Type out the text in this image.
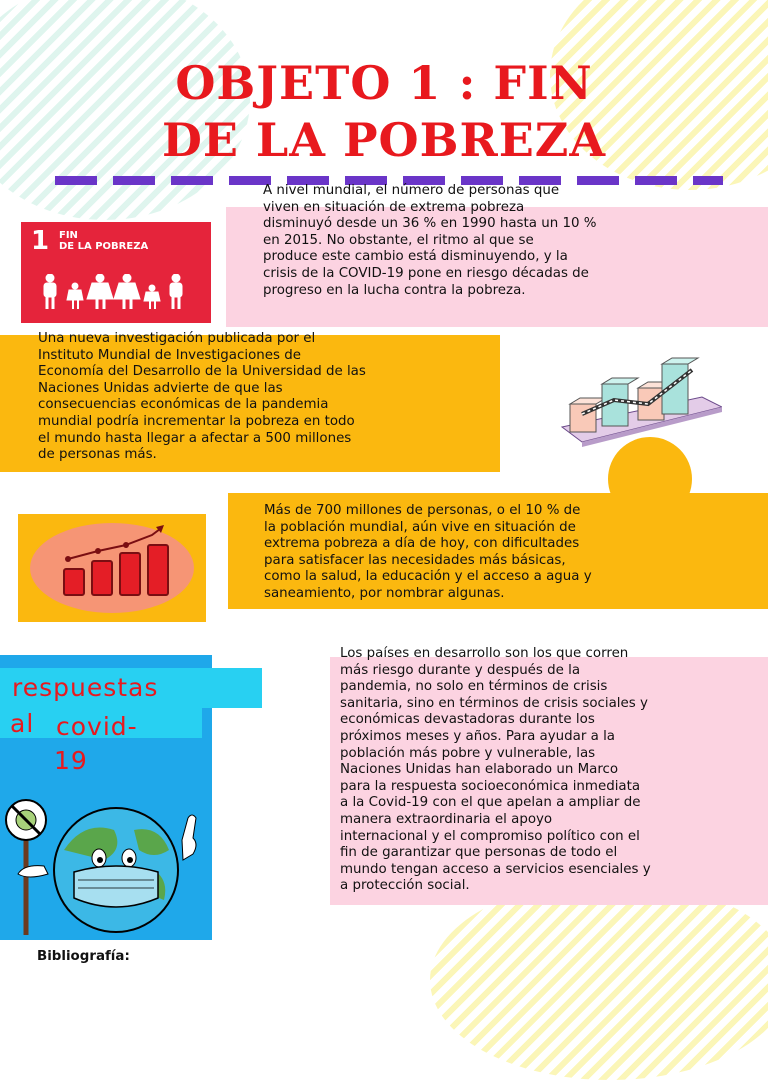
OBJETO 1 : FIN
DE LA POBREZA

A nivel mundial, el número de personas que
viven en situación de extrema pobreza
disminuyó desde un 36 % en 1990 hasta un 10 %
en 2015. No obstante, el ritmo al que se
produce este cambio está disminuyendo, y la
crisis de la COVID-19 pone en riesgo décadas de
progreso en la lucha contra la pobreza.

1 FIN
DE LA POBREZA

Una nueva investigación publicada por el
Instituto Mundial de Investigaciones de
Economía del Desarrollo de la Universidad de las
Naciones Unidas advierte de que las
consecuencias económicas de la pandemia
mundial podría incrementar la pobreza en todo
el mundo hasta llegar a afectar a 500 millones
de personas más.

Más de 700 millones de personas, o el 10 % de
la población mundial, aún vive en situación de
extrema pobreza a día de hoy, con dificultades
para satisfacer las necesidades más básicas,
como la salud, la educación y el acceso a agua y
saneamiento, por nombrar algunas.

respuestas

al covid-

19

Los países en desarrollo son los que corren
más riesgo durante y después de la
pandemia, no solo en términos de crisis
sanitaria, sino en términos de crisis sociales y
económicas devastadoras durante los
próximos meses y años. Para ayudar a la
población más pobre y vulnerable, las
Naciones Unidas han elaborado un Marco
para la respuesta socioeconómica inmediata
a la Covid-19 con el que apelan a ampliar de
manera extraordinaria el apoyo
internacional y el compromiso político con el
fin de garantizar que personas de todo el
mundo tengan acceso a servicios esenciales y
a protección social.

Bibliografía:
